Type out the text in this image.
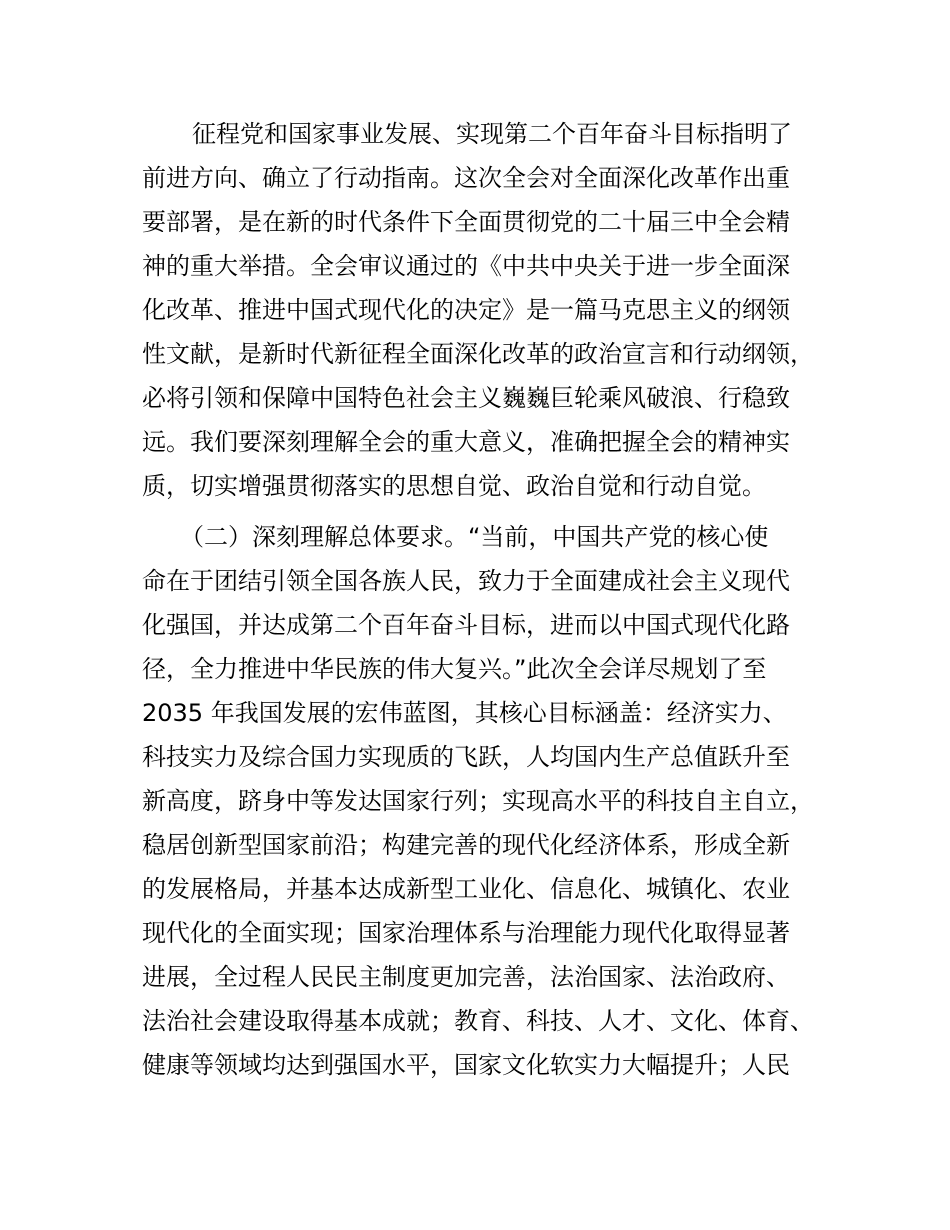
征程党和国家事业发展、实现第二个百年奋斗目标指明了
前进方向、确立了行动指南。这次全会对全面深化改革作出重
要部署，是在新的时代条件下全面贯彻党的二十届三中全会精
神的重大举措。全会审议通过的《中共中央关于进一步全面深
化改革、推进中国式现代化的决定》是一篇马克思主义的纲领
性文献，是新时代新征程全面深化改革的政治宣言和行动纲领，
必将引领和保障中国特色社会主义巍巍巨轮乘风破浪、行稳致
远。我们要深刻理解全会的重大意义，准确把握全会的精神实
质，切实增强贯彻落实的思想自觉、政治自觉和行动自觉。
（二）深刻理解总体要求。“当前，中国共产党的核心使
命在于团结引领全国各族人民，致力于全面建成社会主义现代
化强国，并达成第二个百年奋斗目标，进而以中国式现代化路
径，全力推进中华民族的伟大复兴。”此次全会详尽规划了至
2035 年我国发展的宏伟蓝图，其核心目标涵盖：经济实力、
科技实力及综合国力实现质的飞跃，人均国内生产总值跃升至
新高度，跻身中等发达国家行列；实现高水平的科技自主自立，
稳居创新型国家前沿；构建完善的现代化经济体系，形成全新
的发展格局，并基本达成新型工业化、信息化、城镇化、农业
现代化的全面实现；国家治理体系与治理能力现代化取得显著
进展，全过程人民民主制度更加完善，法治国家、法治政府、
法治社会建设取得基本成就；教育、科技、人才、文化、体育、
健康等领域均达到强国水平，国家文化软实力大幅提升；人民
